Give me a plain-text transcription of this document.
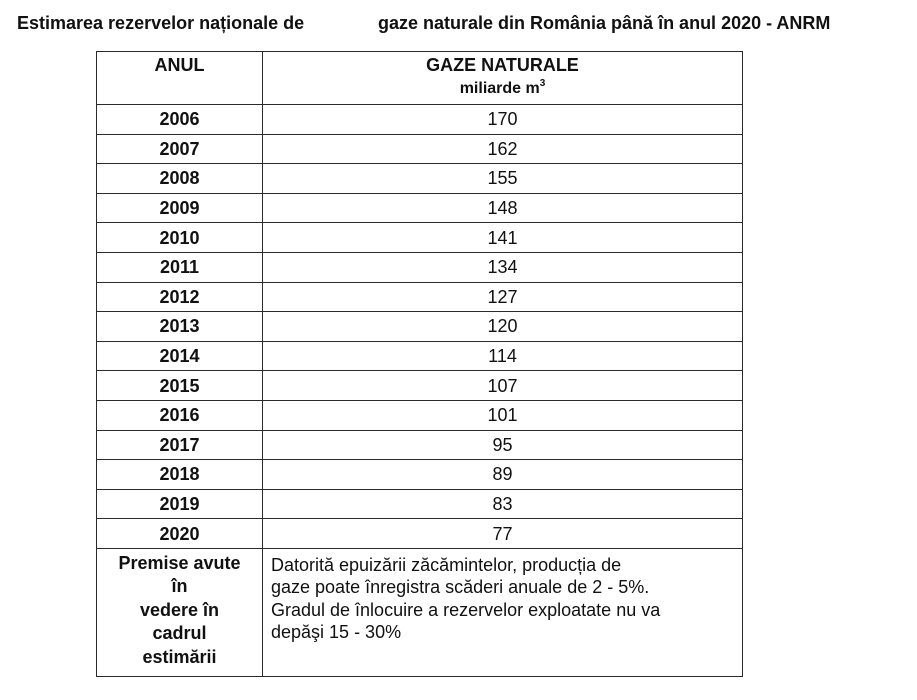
Estimarea rezervelor naționale de	gaze naturale din România până în anul 2020 - ANRM
ANUL	GAZE NATURALE
miliarde $m^3$

2006	170
2007	162
2008	155
2009	148
2010	141
2011	134
2012	127
2013	120
2014	114
2015	107
2016	101
2017	95
2018	89
2019	83
2020	77

Premise avute
în
vedere în
cadrul
estimării	Datorită epuizării zăcămintelor, producția de
gaze poate înregistra scăderi anuale de 2 - 5%.
Gradul de înlocuire a rezervelor exploatate nu va
depăşi 15 - 30%
